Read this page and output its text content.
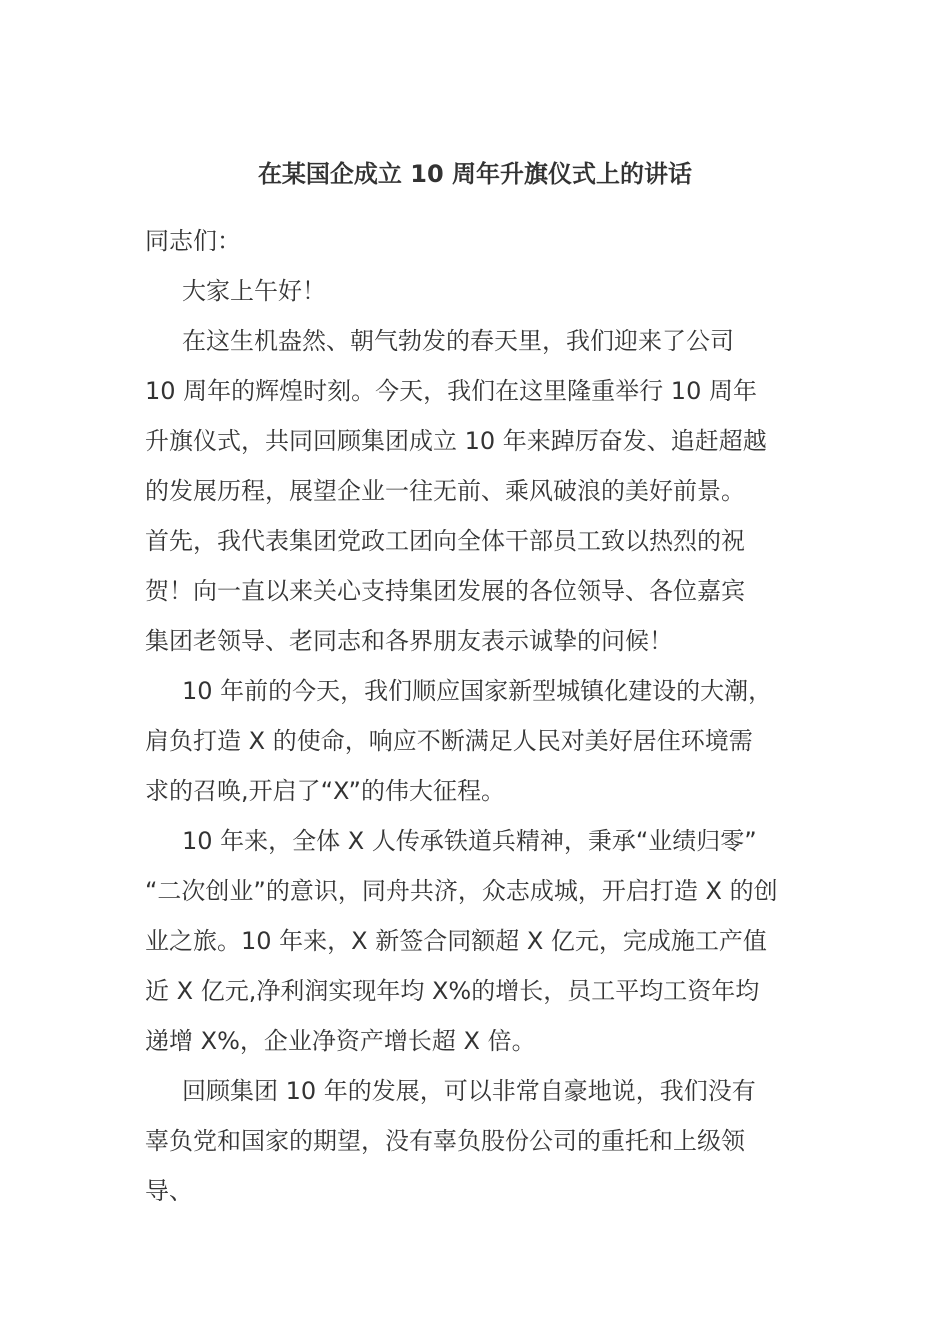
在某国企成立 10 周年升旗仪式上的讲话
同志们：
大家上午好！
在这生机盎然、朝气勃发的春天里，我们迎来了公司
10 周年的辉煌时刻。今天，我们在这里隆重举行 10 周年
升旗仪式，共同回顾集团成立 10 年来踔厉奋发、追赶超越
的发展历程，展望企业一往无前、乘风破浪的美好前景。
首先，我代表集团党政工团向全体干部员工致以热烈的祝
贺！向一直以来关心支持集团发展的各位领导、各位嘉宾
集团老领导、老同志和各界朋友表示诚挚的问候！
10 年前的今天，我们顺应国家新型城镇化建设的大潮，
肩负打造 X 的使命，响应不断满足人民对美好居住环境需
求的召唤,开启了“X”的伟大征程。
10 年来，全体 X 人传承铁道兵精神，秉承“业绩归零”
“二次创业”的意识，同舟共济，众志成城，开启打造 X 的创
业之旅。10 年来，X 新签合同额超 X 亿元，完成施工产值
近 X 亿元,净利润实现年均 X%的增长，员工平均工资年均
递增 X%，企业净资产增长超 X 倍。
回顾集团 10 年的发展，可以非常自豪地说，我们没有
辜负党和国家的期望，没有辜负股份公司的重托和上级领
导、
